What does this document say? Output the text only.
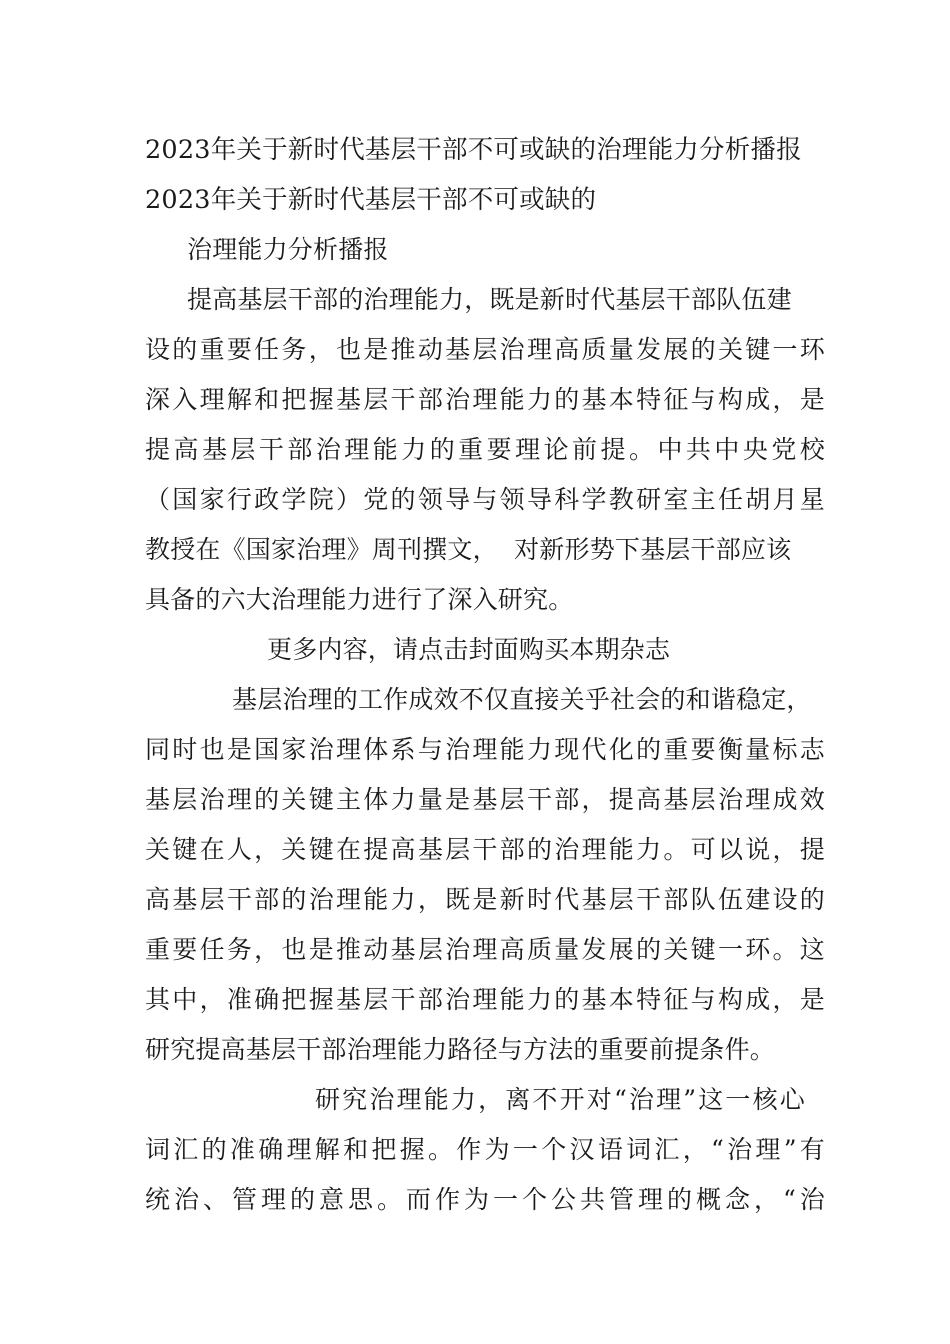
2023年关于新时代基层干部不可或缺的治理能力分析播报
2023年关于新时代基层干部不可或缺的
治理能力分析播报
提高基层干部的治理能力，既是新时代基层干部队伍建
设的重要任务，也是推动基层治理高质量发展的关键一环
深入理解和把握基层干部治理能力的基本特征与构成，是
提高基层干部治理能力的重要理论前提。中共中央党校
（国家行政学院）党的领导与领导科学教研室主任胡月星
教授在《国家治理》周刊撰文，  对新形势下基层干部应该
具备的六大治理能力进行了深入研究。
更多内容，请点击封面购买本期杂志
基层治理的工作成效不仅直接关乎社会的和谐稳定，
同时也是国家治理体系与治理能力现代化的重要衡量标志
基层治理的关键主体力量是基层干部，提高基层治理成效
关键在人，关键在提高基层干部的治理能力。可以说，提
高基层干部的治理能力，既是新时代基层干部队伍建设的
重要任务，也是推动基层治理高质量发展的关键一环。这
其中，准确把握基层干部治理能力的基本特征与构成，是
研究提高基层干部治理能力路径与方法的重要前提条件。
研究治理能力，离不开对“治理”这一核心
词汇的准确理解和把握。作为一个汉语词汇，“治理”有
统治、管理的意思。而作为一个公共管理的概念，“治
